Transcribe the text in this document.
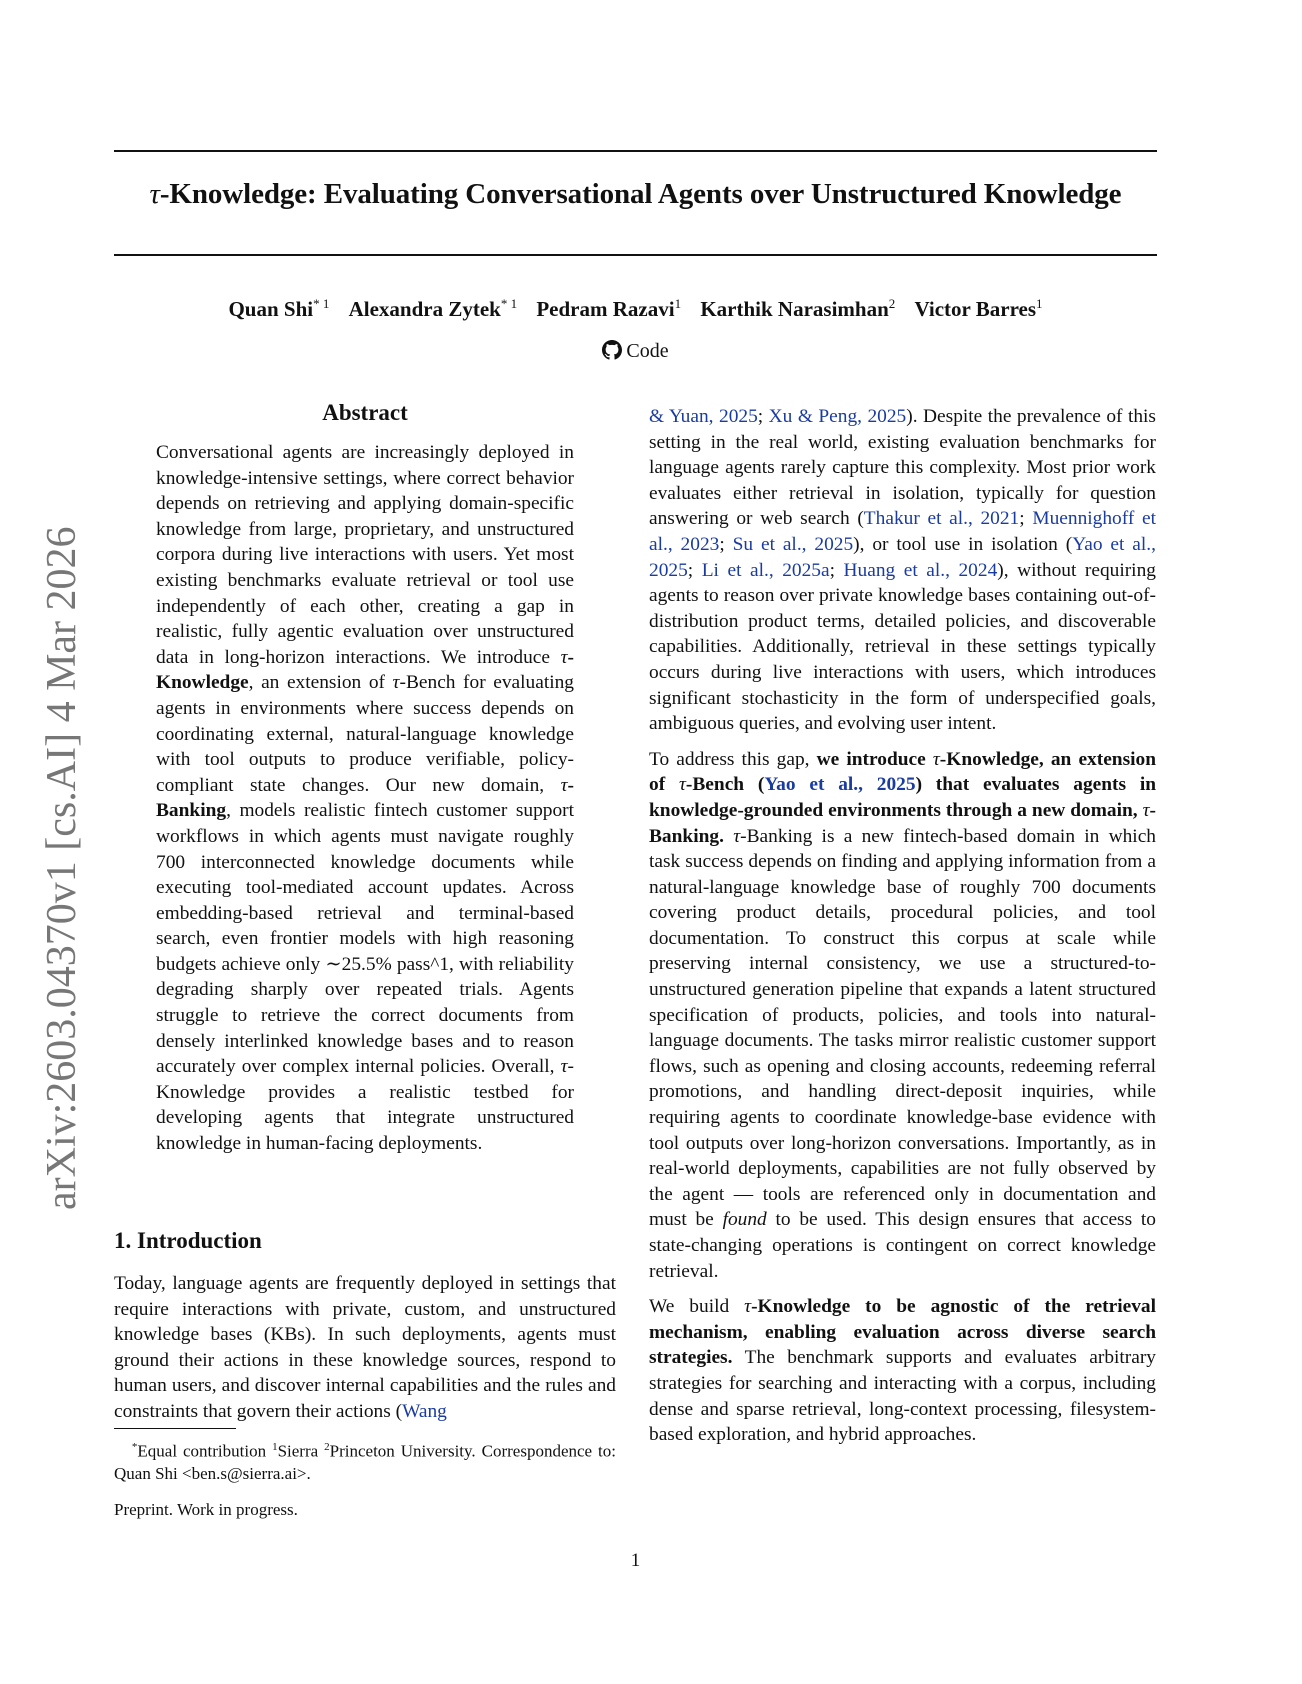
τ-Knowledge: Evaluating Conversational Agents over Unstructured Knowledge
Quan Shi$^{* 1}$ Alexandra Zytek$^{* 1}$ Pedram Razavi$^1$ Karthik Narasimhan$^2$ Victor Barres$^1$
Code
arXiv:2603.04370v1 [cs.AI] 4 Mar 2026
Abstract
Conversational agents are increasingly deployed in knowledge-intensive settings, where correct behavior depends on retrieving and applying domain-specific knowledge from large, proprietary, and unstructured corpora during live interactions with users. Yet most existing benchmarks evaluate retrieval or tool use independently of each other, creating a gap in realistic, fully agentic evaluation over unstructured data in long-horizon interactions. We introduce τ-Knowledge, an extension of τ-Bench for evaluating agents in environments where success depends on coordinating external, natural-language knowledge with tool outputs to produce verifiable, policy-compliant state changes. Our new domain, τ-Banking, models realistic fintech customer support workflows in which agents must navigate roughly 700 interconnected knowledge documents while executing tool-mediated account updates. Across embedding-based retrieval and terminal-based search, even frontier models with high reasoning budgets achieve only ∼25.5% pass^1, with reliability degrading sharply over repeated trials. Agents struggle to retrieve the correct documents from densely interlinked knowledge bases and to reason accurately over complex internal policies. Overall, τ-Knowledge provides a realistic testbed for developing agents that integrate unstructured knowledge in human-facing deployments.
1. Introduction
Today, language agents are frequently deployed in settings that require interactions with private, custom, and unstructured knowledge bases (KBs). In such deployments, agents must ground their actions in these knowledge sources, respond to human users, and discover internal capabilities and the rules and constraints that govern their actions (Wang
*Equal contribution $^1$Sierra $^2$Princeton University. Correspondence to: Quan Shi <ben.s@sierra.ai>.
Preprint. Work in progress.

& Yuan, 2025; Xu & Peng, 2025). Despite the prevalence of this setting in the real world, existing evaluation benchmarks for language agents rarely capture this complexity. Most prior work evaluates either retrieval in isolation, typically for question answering or web search (Thakur et al., 2021; Muennighoff et al., 2023; Su et al., 2025), or tool use in isolation (Yao et al., 2025; Li et al., 2025a; Huang et al., 2024), without requiring agents to reason over private knowledge bases containing out-of-distribution product terms, detailed policies, and discoverable capabilities. Additionally, retrieval in these settings typically occurs during live interactions with users, which introduces significant stochasticity in the form of underspecified goals, ambiguous queries, and evolving user intent.

To address this gap, we introduce τ-Knowledge, an extension of τ-Bench (Yao et al., 2025) that evaluates agents in knowledge-grounded environments through a new domain, τ-Banking. τ-Banking is a new fintech-based domain in which task success depends on finding and applying information from a natural-language knowledge base of roughly 700 documents covering product details, procedural policies, and tool documentation. To construct this corpus at scale while preserving internal consistency, we use a structured-to-unstructured generation pipeline that expands a latent structured specification of products, policies, and tools into natural-language documents. The tasks mirror realistic customer support flows, such as opening and closing accounts, redeeming referral promotions, and handling direct-deposit inquiries, while requiring agents to coordinate knowledge-base evidence with tool outputs over long-horizon conversations. Importantly, as in real-world deployments, capabilities are not fully observed by the agent — tools are referenced only in documentation and must be found to be used. This design ensures that access to state-changing operations is contingent on correct knowledge retrieval.

We build τ-Knowledge to be agnostic of the retrieval mechanism, enabling evaluation across diverse search strategies. The benchmark supports and evaluates arbitrary strategies for searching and interacting with a corpus, including dense and sparse retrieval, long-context processing, filesystem-based exploration, and hybrid approaches.

1
